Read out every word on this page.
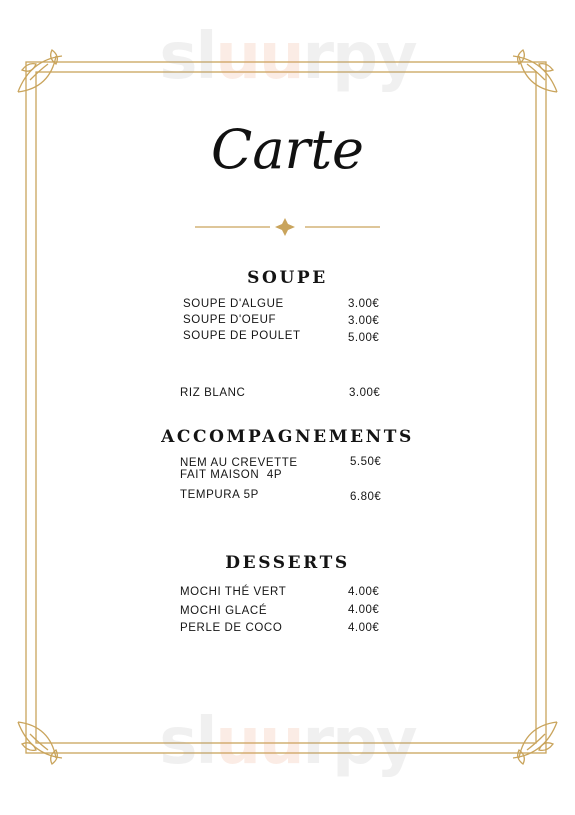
sluurpy
sluurpy
Carte
SOUPE
SOUPE D'ALGUE	3.00€
SOUPE D'OEUF	3.00€
SOUPE DE POULET	5.00€
RIZ BLANC	3.00€
ACCOMPAGNEMENTS
NEM AU CREVETTE
FAIT MAISON  4P
5.50€
TEMPURA 5P	6.80€
DESSERTS
MOCHI THÉ VERT	4.00€
MOCHI GLACÉ	4.00€
PERLE DE COCO	4.00€
